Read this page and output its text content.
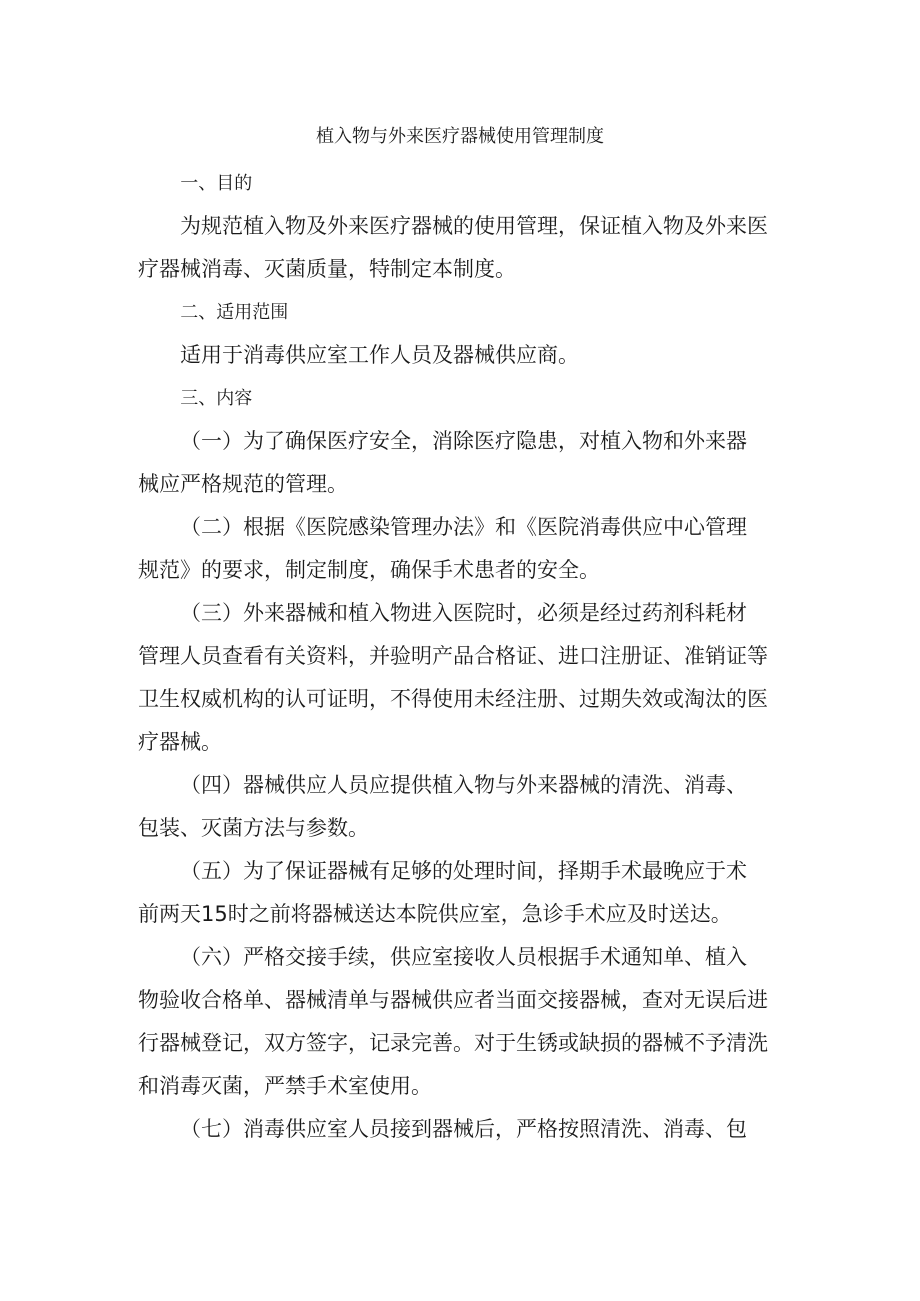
植入物与外来医疗器械使用管理制度
一、目的

为规范植入物及外来医疗器械的使用管理，保证植入物及外来医
疗器械消毒、灭菌质量，特制定本制度。

二、适用范围

适用于消毒供应室工作人员及器械供应商。

三、内容

（一）为了确保医疗安全，消除医疗隐患，对植入物和外来器
械应严格规范的管理。

（二）根据《医院感染管理办法》和《医院消毒供应中心管理
规范》的要求，制定制度，确保手术患者的安全。

（三）外来器械和植入物进入医院时，必须是经过药剂科耗材
管理人员查看有关资料，并验明产品合格证、进口注册证、准销证等
卫生权威机构的认可证明，不得使用未经注册、过期失效或淘汰的医
疗器械。

（四）器械供应人员应提供植入物与外来器械的清洗、消毒、
包装、灭菌方法与参数。

（五）为了保证器械有足够的处理时间，择期手术最晚应于术
前两天15时之前将器械送达本院供应室，急诊手术应及时送达。

（六）严格交接手续，供应室接收人员根据手术通知单、植入
物验收合格单、器械清单与器械供应者当面交接器械，查对无误后进
行器械登记，双方签字，记录完善。对于生锈或缺损的器械不予清洗
和消毒灭菌，严禁手术室使用。

（七）消毒供应室人员接到器械后，严格按照清洗、消毒、包
